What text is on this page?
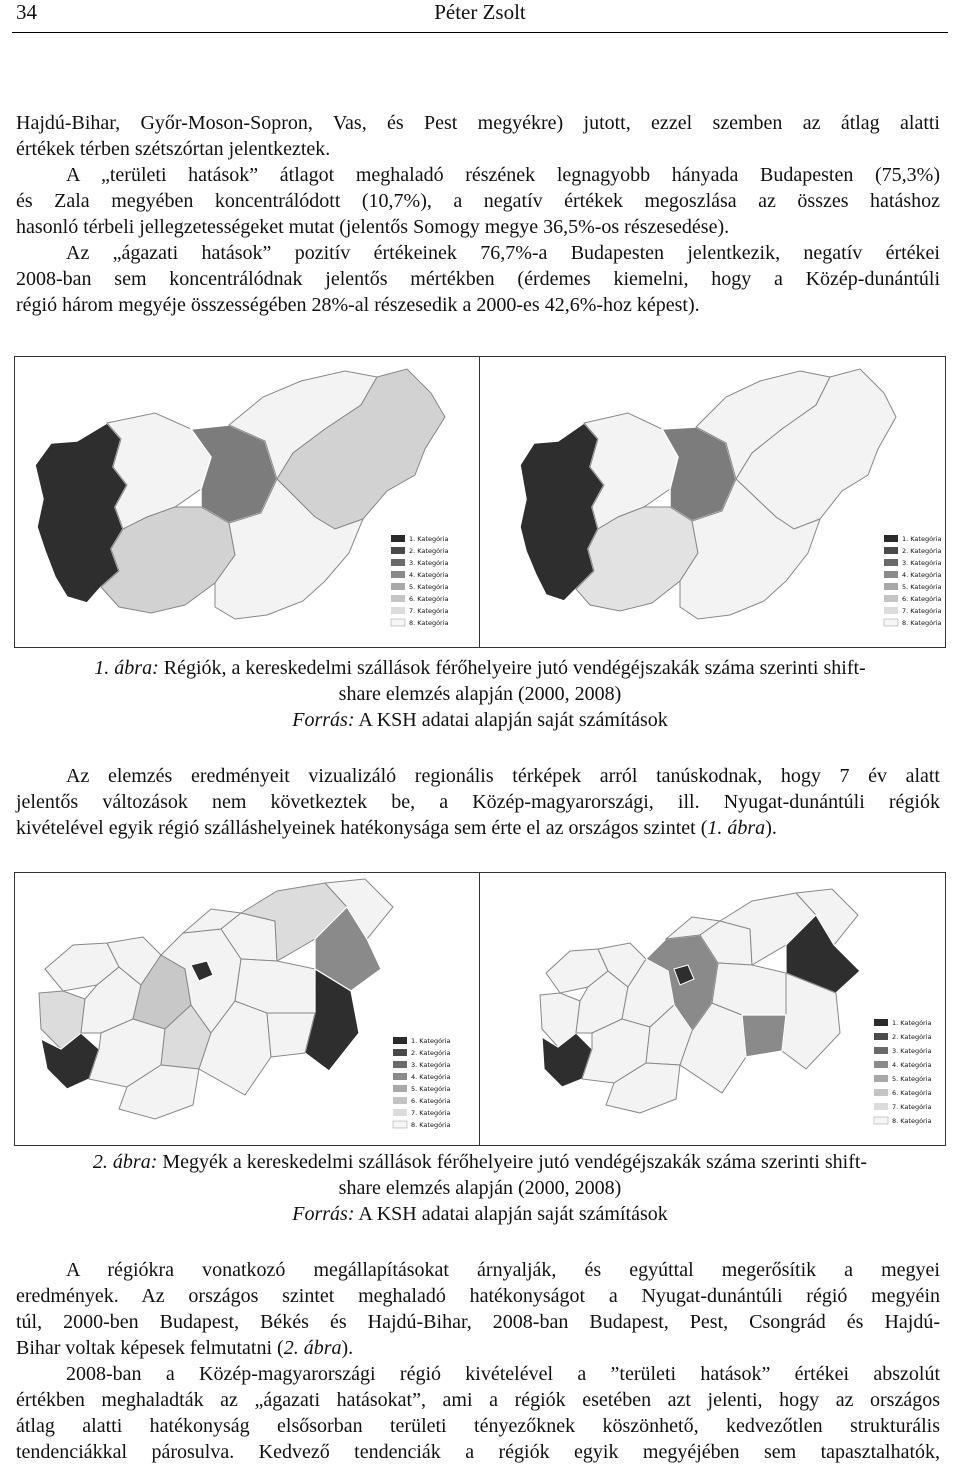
34	Péter Zsolt
Hajdú-Bihar, Győr-Moson-Sopron, Vas, és Pest megyékre) jutott, ezzel szemben az átlag alatti
értékek térben szétszórtan jelentkeztek.
A „területi hatások” átlagot meghaladó részének legnagyobb hányada Budapesten (75,3%)
és Zala megyében koncentrálódott (10,7%), a negatív értékek megoszlása az összes hatáshoz
hasonló térbeli jellegzetességeket mutat (jelentős Somogy megye 36,5%-os részesedése).
Az „ágazati hatások” pozitív értékeinek 76,7%-a Budapesten jelentkezik, negatív értékei
2008-ban sem koncentrálódnak jelentős mértékben (érdemes kiemelni, hogy a Közép-dunántúli
régió három megyéje összességében 28%-al részesedik a 2000-es 42,6%-hoz képest).
1. Kategória
2. Kategória
3. Kategória
4. Kategória
5. Kategória
6. Kategória
7. Kategória
8. Kategória
1. Kategória
2. Kategória
3. Kategória
4. Kategória
5. Kategória
6. Kategória
7. Kategória
8. Kategória
1. ábra: Régiók, a kereskedelmi szállások férőhelyeire jutó vendégéjszakák száma szerinti shift-
share elemzés alapján (2000, 2008)
Forrás: A KSH adatai alapján saját számítások
Az elemzés eredményeit vizualizáló regionális térképek arról tanúskodnak, hogy 7 év alatt
jelentős változások nem következtek be, a Közép-magyarországi, ill. Nyugat-dunántúli régiók
kivételével egyik régió szálláshelyeinek hatékonysága sem érte el az országos szintet (1. ábra).
1. Kategória
2. Kategória
3. Kategória
4. Kategória
5. Kategória
6. Kategória
7. Kategória
8. Kategória
1. Kategória
2. Kategória
3. Kategória
4. Kategória
5. Kategória
6. Kategória
7. Kategória
8. Kategória
2. ábra: Megyék a kereskedelmi szállások férőhelyeire jutó vendégéjszakák száma szerinti shift-
share elemzés alapján (2000, 2008)
Forrás: A KSH adatai alapján saját számítások
A régiókra vonatkozó megállapításokat árnyalják, és egyúttal megerősítik a megyei
eredmények. Az országos szintet meghaladó hatékonyságot a Nyugat-dunántúli régió megyéin
túl, 2000-ben Budapest, Békés és Hajdú-Bihar, 2008-ban Budapest, Pest, Csongrád és Hajdú-
Bihar voltak képesek felmutatni (2. ábra).
2008-ban a Közép-magyarországi régió kivételével a ”területi hatások” értékei abszolút
értékben meghaladták az „ágazati hatásokat”, ami a régiók esetében azt jelenti, hogy az országos
átlag alatti hatékonyság elsősorban területi tényezőknek köszönhető, kedvezőtlen strukturális
tendenciákkal párosulva. Kedvező tendenciák a régiók egyik megyéjében sem tapasztalhatók,
